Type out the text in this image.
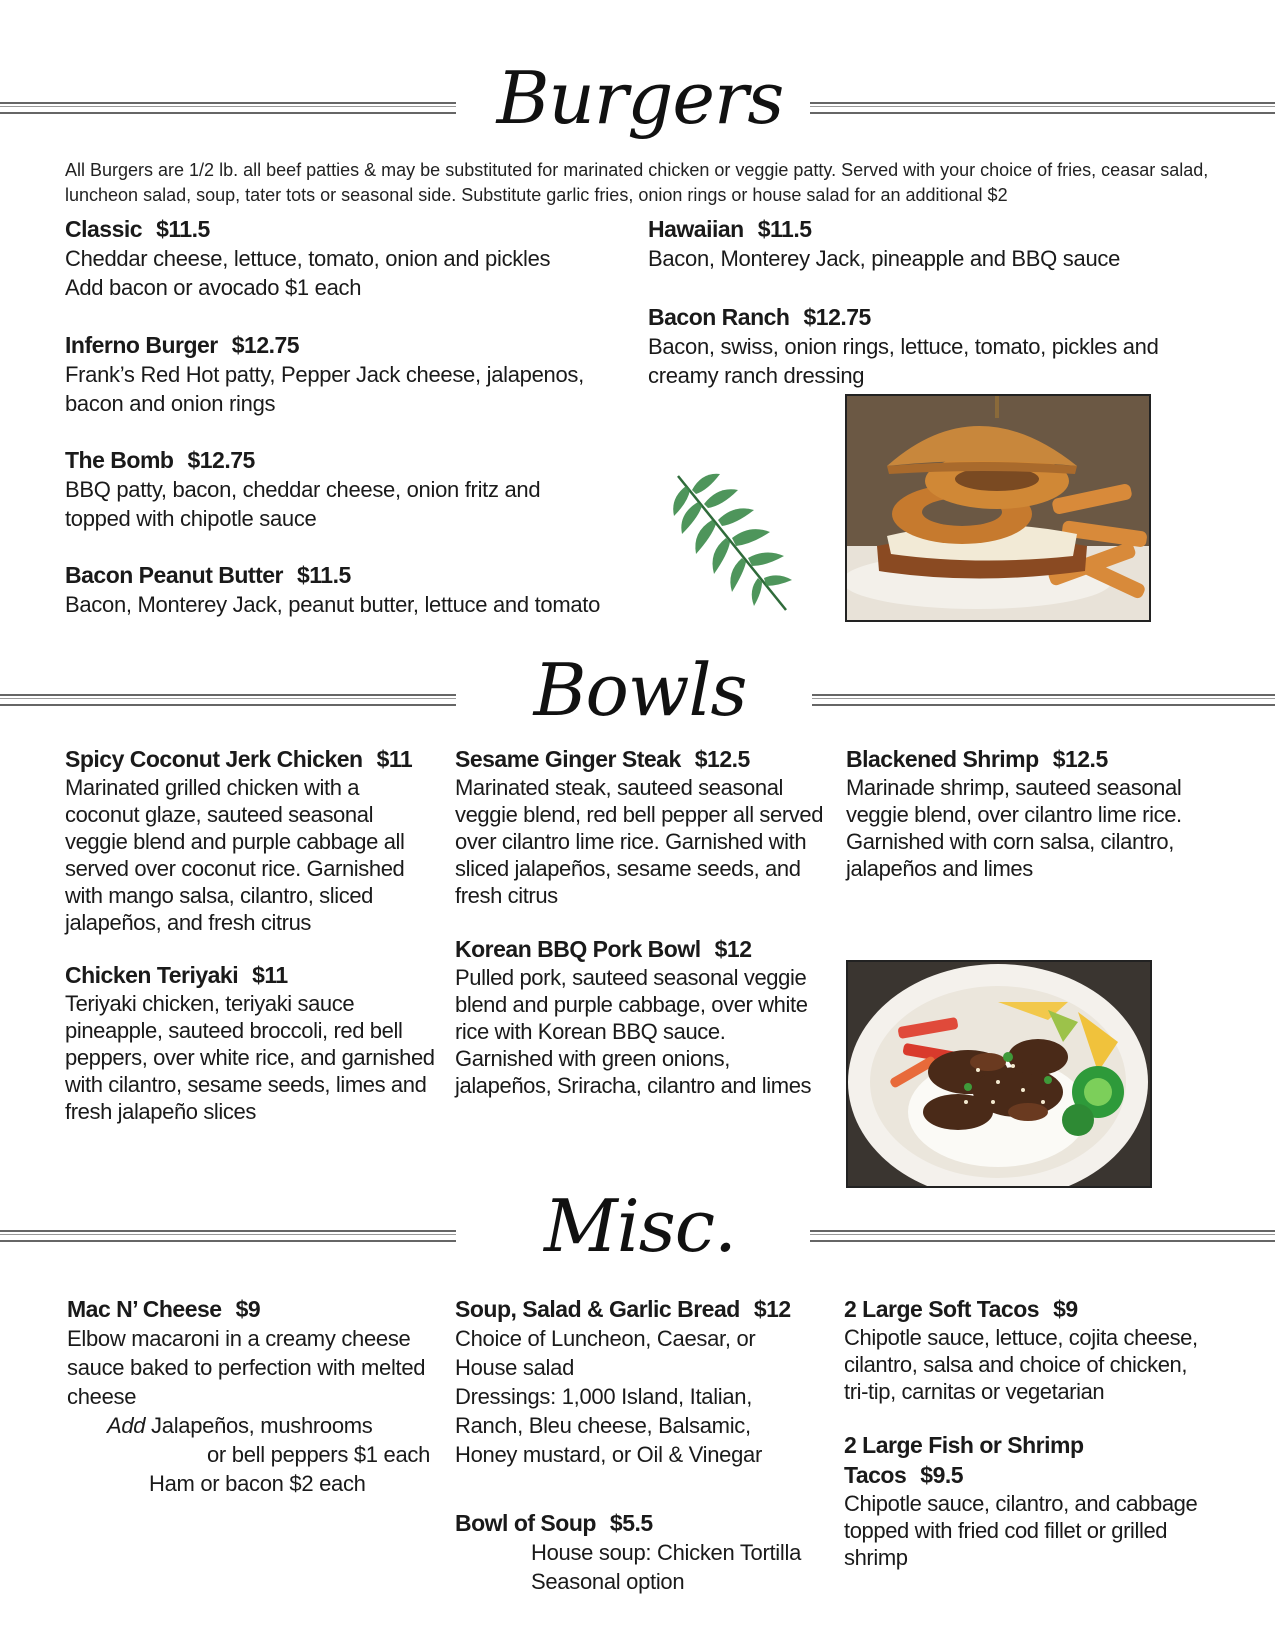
Burgers
All Burgers are 1/2 lb. all beef patties & may be substituted for marinated chicken or veggie patty. Served with your choice of fries, ceasar salad, luncheon salad, soup, tater tots or seasonal side. Substitute garlic fries, onion rings or house salad for an additional $2
Classic $11.5
Cheddar cheese, lettuce, tomato, onion and pickles
Add bacon or avocado $1 each
Inferno Burger $12.75
Frank’s Red Hot patty, Pepper Jack cheese, jalapenos, bacon and onion rings
The Bomb $12.75
BBQ patty, bacon, cheddar cheese, onion fritz and topped with chipotle sauce
Bacon Peanut Butter $11.5
Bacon, Monterey Jack, peanut butter, lettuce and tomato
Hawaiian $11.5
Bacon, Monterey Jack, pineapple and BBQ sauce
Bacon Ranch $12.75
Bacon, swiss, onion rings, lettuce, tomato, pickles and creamy ranch dressing
Bowls
Spicy Coconut Jerk Chicken $11
Marinated grilled chicken with a coconut glaze, sauteed seasonal veggie blend and purple cabbage all served over coconut rice. Garnished with mango salsa, cilantro, sliced jalapeños, and fresh citrus
Chicken Teriyaki $11
Teriyaki chicken, teriyaki sauce pineapple, sauteed broccoli, red bell peppers, over white rice, and garnished with cilantro, sesame seeds, limes and fresh jalapeño slices
Sesame Ginger Steak $12.5
Marinated steak, sauteed seasonal veggie blend, red bell pepper all served over cilantro lime rice. Garnished with sliced jalapeños, sesame seeds, and fresh citrus
Korean BBQ Pork Bowl $12
Pulled pork, sauteed seasonal veggie blend and purple cabbage, over white rice with Korean BBQ sauce. Garnished with green onions, jalapeños, Sriracha, cilantro and limes
Blackened Shrimp $12.5
Marinade shrimp, sauteed seasonal veggie blend, over cilantro lime rice. Garnished with corn salsa, cilantro, jalapeños and limes
Misc.
Mac N’ Cheese $9
Elbow macaroni in a creamy cheese sauce baked to perfection with melted cheese
Add Jalapeños, mushrooms
or bell peppers $1 each
Ham or bacon $2 each
Soup, Salad & Garlic Bread $12
Choice of Luncheon, Caesar, or House salad
Dressings: 1,000 Island, Italian, Ranch, Bleu cheese, Balsamic, Honey mustard, or Oil & Vinegar
Bowl of Soup $5.5
House soup: Chicken Tortilla
Seasonal option
2 Large Soft Tacos $9
Chipotle sauce, lettuce, cojita cheese, cilantro, salsa and choice of chicken, tri-tip, carnitas or vegetarian
2 Large Fish or Shrimp Tacos $9.5
Chipotle sauce, cilantro, and cabbage topped with fried cod fillet or grilled shrimp
